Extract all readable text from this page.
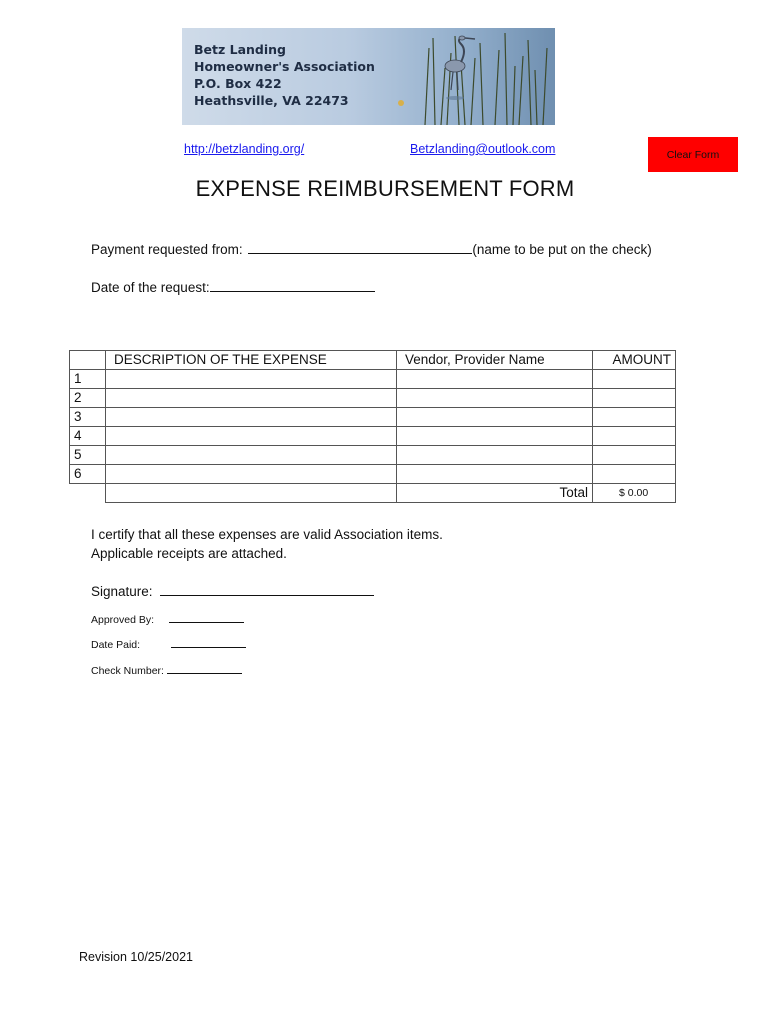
Betz Landing
Homeowner's Association
P.O. Box 422
Heathsville, VA 22473
http://betzlanding.org/	Betzlanding@outlook.com	Clear Form
EXPENSE REIMBURSEMENT FORM
Payment requested from:	(name to be put on the check)
Date of the request:
	DESCRIPTION OF THE EXPENSE	Vendor, Provider Name	AMOUNT
1			
2			
3			
4			
5			
6			
		Total	$ 0.00
I certify that all these expenses are valid Association items.
Applicable receipts are attached.
Signature:
Approved By:
Date Paid:
Check Number:
Revision 10/25/2021
